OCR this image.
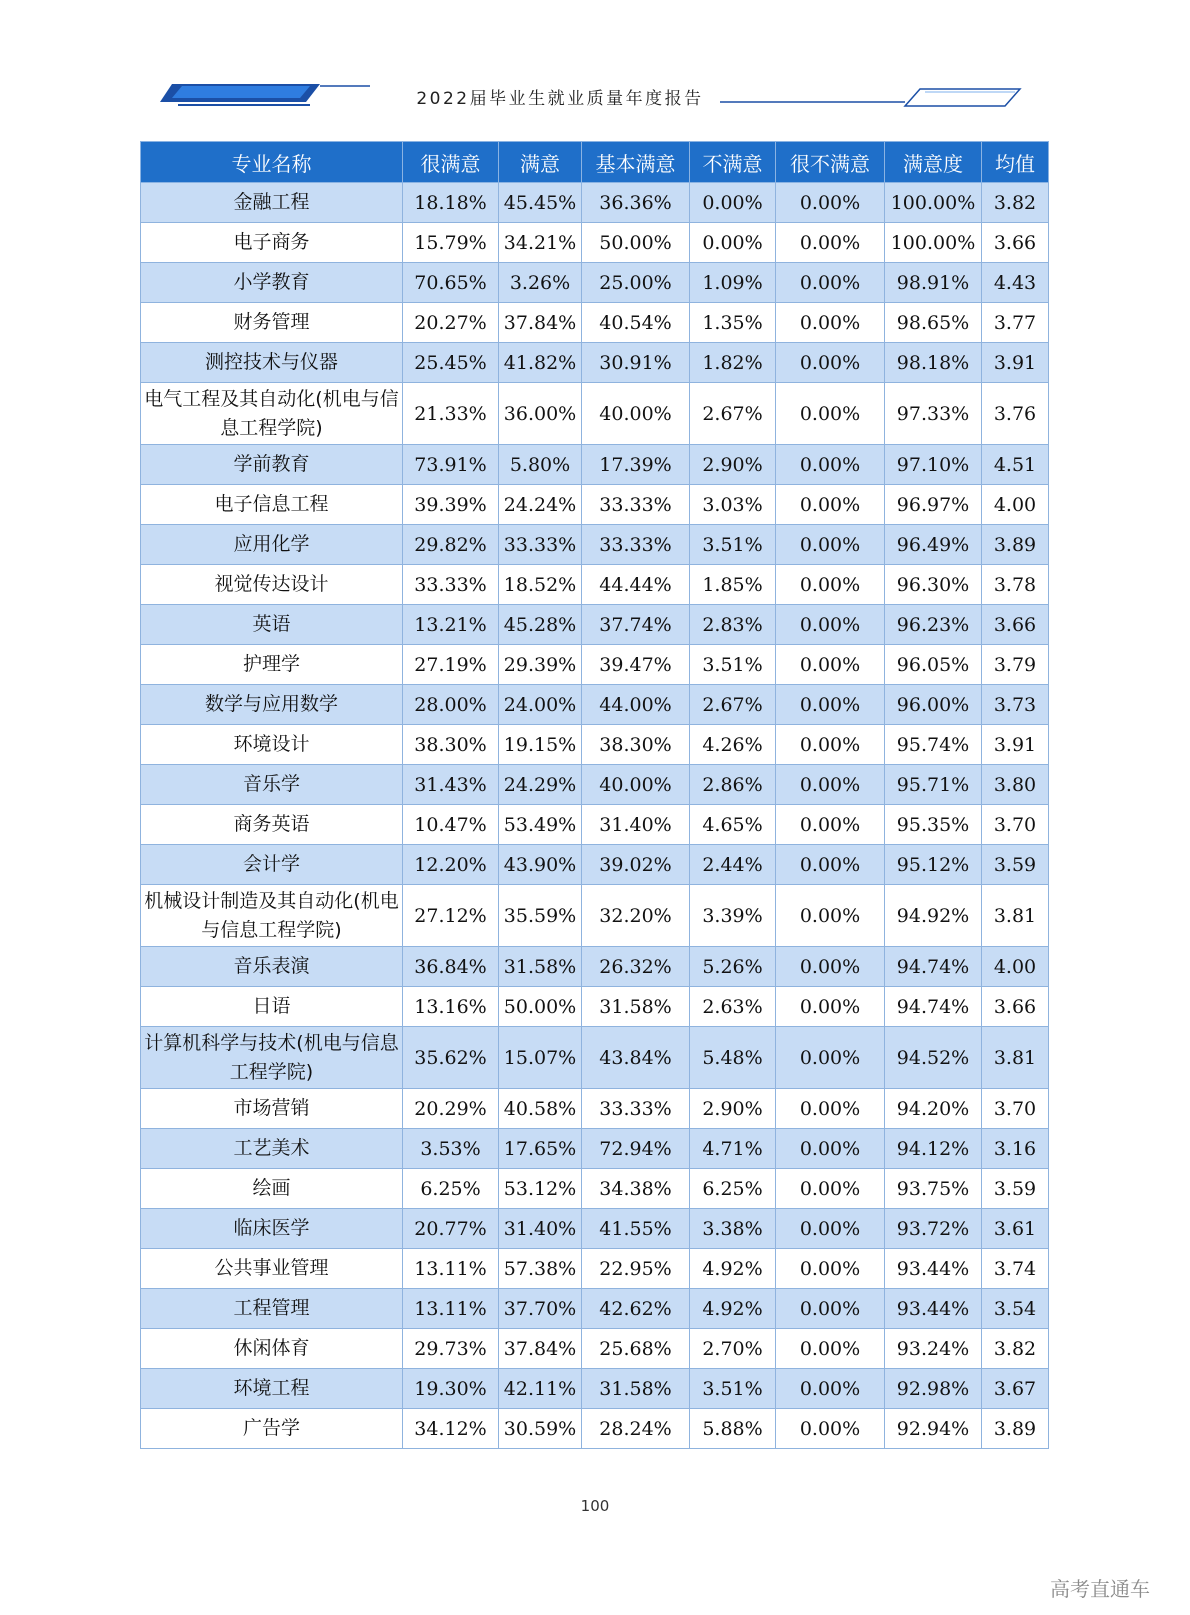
2022届毕业生就业质量年度报告
专业名称	很满意	满意	基本满意	不满意	很不满意	满意度	均值
金融工程	18.18%	45.45%	36.36%	0.00%	0.00%	100.00%	3.82
电子商务	15.79%	34.21%	50.00%	0.00%	0.00%	100.00%	3.66
小学教育	70.65%	3.26%	25.00%	1.09%	0.00%	98.91%	4.43
财务管理	20.27%	37.84%	40.54%	1.35%	0.00%	98.65%	3.77
测控技术与仪器	25.45%	41.82%	30.91%	1.82%	0.00%	98.18%	3.91
电气工程及其自动化(机电与信息工程学院)	21.33%	36.00%	40.00%	2.67%	0.00%	97.33%	3.76
学前教育	73.91%	5.80%	17.39%	2.90%	0.00%	97.10%	4.51
电子信息工程	39.39%	24.24%	33.33%	3.03%	0.00%	96.97%	4.00
应用化学	29.82%	33.33%	33.33%	3.51%	0.00%	96.49%	3.89
视觉传达设计	33.33%	18.52%	44.44%	1.85%	0.00%	96.30%	3.78
英语	13.21%	45.28%	37.74%	2.83%	0.00%	96.23%	3.66
护理学	27.19%	29.39%	39.47%	3.51%	0.00%	96.05%	3.79
数学与应用数学	28.00%	24.00%	44.00%	2.67%	0.00%	96.00%	3.73
环境设计	38.30%	19.15%	38.30%	4.26%	0.00%	95.74%	3.91
音乐学	31.43%	24.29%	40.00%	2.86%	0.00%	95.71%	3.80
商务英语	10.47%	53.49%	31.40%	4.65%	0.00%	95.35%	3.70
会计学	12.20%	43.90%	39.02%	2.44%	0.00%	95.12%	3.59
机械设计制造及其自动化(机电与信息工程学院)	27.12%	35.59%	32.20%	3.39%	0.00%	94.92%	3.81
音乐表演	36.84%	31.58%	26.32%	5.26%	0.00%	94.74%	4.00
日语	13.16%	50.00%	31.58%	2.63%	0.00%	94.74%	3.66
计算机科学与技术(机电与信息工程学院)	35.62%	15.07%	43.84%	5.48%	0.00%	94.52%	3.81
市场营销	20.29%	40.58%	33.33%	2.90%	0.00%	94.20%	3.70
工艺美术	3.53%	17.65%	72.94%	4.71%	0.00%	94.12%	3.16
绘画	6.25%	53.12%	34.38%	6.25%	0.00%	93.75%	3.59
临床医学	20.77%	31.40%	41.55%	3.38%	0.00%	93.72%	3.61
公共事业管理	13.11%	57.38%	22.95%	4.92%	0.00%	93.44%	3.74
工程管理	13.11%	37.70%	42.62%	4.92%	0.00%	93.44%	3.54
休闲体育	29.73%	37.84%	25.68%	2.70%	0.00%	93.24%	3.82
环境工程	19.30%	42.11%	31.58%	3.51%	0.00%	92.98%	3.67
广告学	34.12%	30.59%	28.24%	5.88%	0.00%	92.94%	3.89
100
高考直通车
